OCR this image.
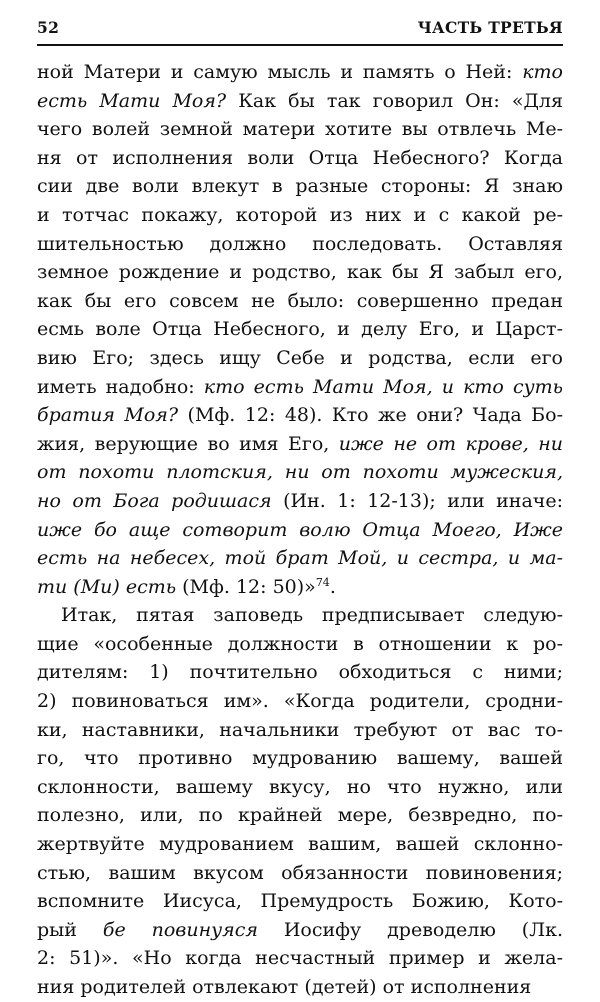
52	ЧАСТЬ ТРЕТЬЯ
ной Матери и самую мысль и память о Ней: кто
есть Мати Моя? Как бы так говорил Он: «Для
чего волей земной матери хотите вы отвлечь Ме-
ня от исполнения воли Отца Небесного? Когда
сии две воли влекут в разные стороны: Я знаю
и тотчас покажу, которой из них и с какой ре-
шительностью должно последовать. Оставляя
земное рождение и родство, как бы Я забыл его,
как бы его совсем не было: совершенно предан
есмь воле Отца Небесного, и делу Его, и Царст-
вию Его; здесь ищу Себе и родства, если его
иметь надобно: кто есть Мати Моя, и кто суть
братия Моя? (Мф. 12: 48). Кто же они? Чада Бо-
жия, верующие во имя Его, иже не от крове, ни
от похоти плотския, ни от похоти мужеския,
но от Бога родишася (Ин. 1: 12-13); или иначе:
иже бо аще сотворит волю Отца Моего, Иже
есть на небесех, той брат Мой, и сестра, и ма-
ти (Ми) есть (Мф. 12: 50)»$^{74}$.
Итак, пятая заповедь предписывает следую-
щие «особенные должности в отношении к ро-
дителям: 1) почтительно обходиться с ними;
2) повиноваться им». «Когда родители, сродни-
ки, наставники, начальники требуют от вас то-
го, что противно мудрованию вашему, вашей
склонности, вашему вкусу, но что нужно, или
полезно, или, по крайней мере, безвредно, по-
жертвуйте мудрованием вашим, вашей склонно-
стью, вашим вкусом обязанности повиновения;
вспомните Иисуса, Премудрость Божию, Кото-
рый бе повинуяся Иосифу древоделю (Лк.
2: 51)». «Но когда несчастный пример и жела-
ния родителей отвлекают (детей) от исполнения
